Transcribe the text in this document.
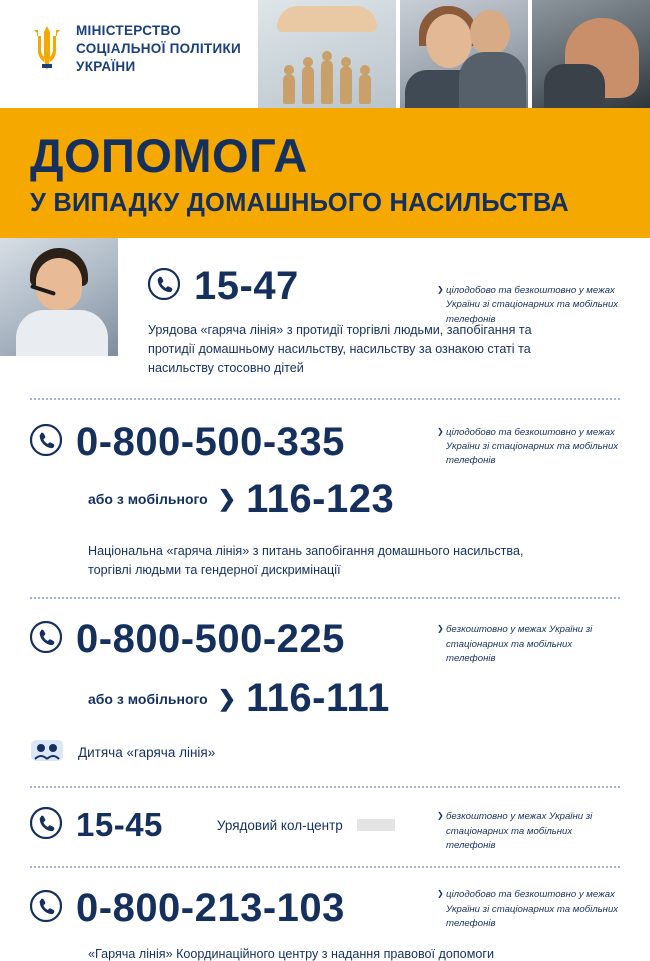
МІНІСТЕРСТВО
СОЦІАЛЬНОЇ ПОЛІТИКИ
УКРАЇНИ
ДОПОМОГА
У ВИПАДКУ ДОМАШНЬОГО НАСИЛЬСТВА
15-47	❯ цілодобово та безкоштовно у межах України зі стаціонарних та мобільних телефонів
Урядова «гаряча лінія» з протидії торгівлі людьми, запобігання та протидії домашньому насильству, насильству за ознакою статі та насильству стосовно дітей
0-800-500-335	❯ цілодобово та безкоштовно у межах України зі стаціонарних та мобільних телефонів
або з мобільного ❯ 116-123
Національна «гаряча лінія» з питань запобігання домашнього насильства, торгівлі людьми та гендерної дискримінації
0-800-500-225	❯ безкоштовно у межах України зі стаціонарних та мобільних телефонів
або з мобільного ❯ 116-111
Дитяча «гаряча лінія»
15-45	Урядовий кол-центр
❯ безкоштовно у межах України зі стаціонарних та мобільних телефонів
0-800-213-103	❯ цілодобово та безкоштовно у межах України зі стаціонарних та мобільних телефонів
«Гаряча лінія» Координаційного центру з надання правової допомоги
